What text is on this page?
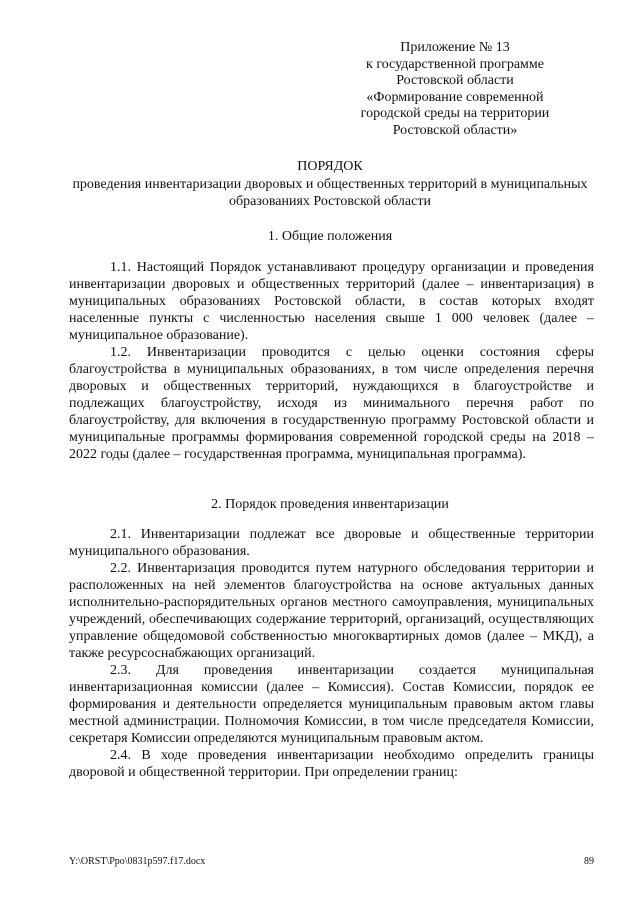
Приложение № 13
к государственной программе
Ростовской области
«Формирование современной
городской среды на территории
Ростовской области»
ПОРЯДОК
проведения инвентаризации дворовых и общественных территорий в муниципальных образованиях Ростовской области
1. Общие положения

1.1. Настоящий Порядок устанавливают процедуру организации и проведения инвентаризации дворовых и общественных территорий (далее – инвентаризация) в муниципальных образованиях Ростовской области, в состав которых входят населенные пункты с численностью населения свыше 1 000 человек (далее – муниципальное образование).

1.2. Инвентаризации проводится с целью оценки состояния сферы благоустройства в муниципальных образованиях, в том числе определения перечня дворовых и общественных территорий, нуждающихся в благоустройстве и подлежащих благоустройству, исходя из минимального перечня работ по благоустройству, для включения в государственную программу Ростовской области и муниципальные программы формирования современной городской среды на 2018 – 2022 годы (далее – государственная программа, муниципальная программа).

2. Порядок проведения инвентаризации

2.1. Инвентаризации подлежат все дворовые и общественные территории муниципального образования.

2.2. Инвентаризация проводится путем натурного обследования территории и расположенных на ней элементов благоустройства на основе актуальных данных исполнительно-распорядительных органов местного самоуправления, муниципальных учреждений, обеспечивающих содержание территорий, организаций, осуществляющих управление общедомовой собственностью многоквартирных домов (далее – МКД), а также ресурсоснабжающих организаций.

2.3. Для проведения инвентаризации создается муниципальная инвентаризационная комиссии (далее – Комиссия). Состав Комиссии, порядок ее формирования и деятельности определяется муниципальным правовым актом главы местной администрации. Полномочия Комиссии, в том числе председателя Комиссии, секретаря Комиссии определяются муниципальным правовым актом.

2.4. В ходе проведения инвентаризации необходимо определить границы дворовой и общественной территории. При определении границ:

Y:\ORST\Ppo\0831p597.f17.docx	89
